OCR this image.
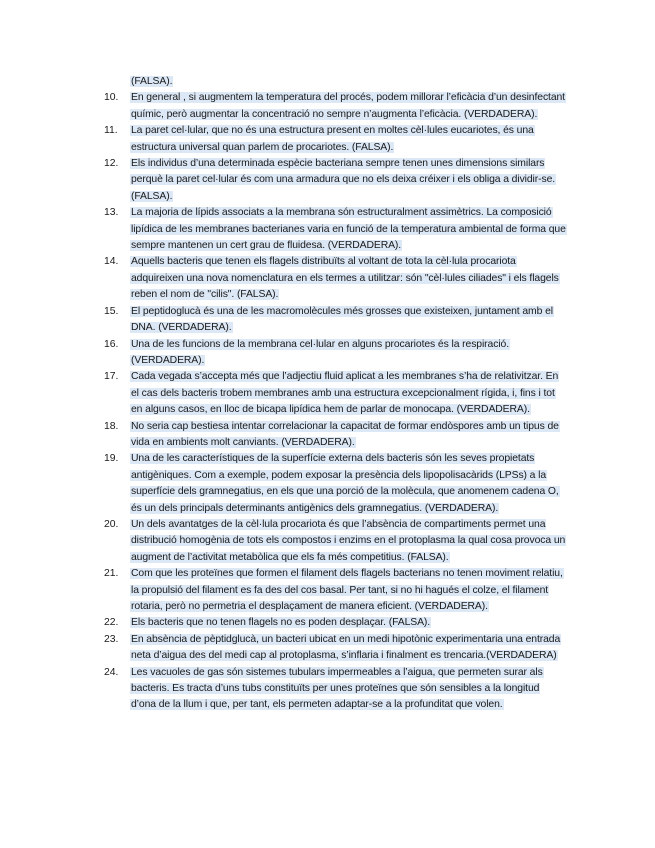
(FALSA).
10.	En general , si augmentem la temperatura del procés, podem millorar l’eficàcia d’un desinfectant químic, però augmentar la concentració no sempre n’augmenta l’eficàcia. (VERDADERA).
11.	La paret cel·lular, que no és una estructura present en moltes cèl·lules eucariotes, és una estructura universal quan parlem de procariotes. (FALSA).
12.	Els individus d’una determinada espècie bacteriana sempre tenen unes dimensions similars perquè la paret cel·lular és com una armadura que no els deixa créixer i els obliga a dividir-se. (FALSA).
13.	La majoria de lípids associats a la membrana són estructuralment assimètrics. La composició lipídica de les membranes bacterianes varia en funció de la temperatura ambiental de forma que sempre mantenen un cert grau de fluidesa. (VERDADERA).
14.	Aquells bacteris que tenen els flagels distribuïts al voltant de tota la cèl·lula procariota adquireixen una nova nomenclatura en els termes a utilitzar: són "cèl·lules ciliades" i els flagels reben el nom de "cilis". (FALSA).
15.	El peptidoglucà és una de les macromolècules més grosses que existeixen, juntament amb el DNA. (VERDADERA).
16.	Una de les funcions de la membrana cel·lular en alguns procariotes és la respiració. (VERDADERA).
17.	Cada vegada s’accepta més que l’adjectiu fluid aplicat a les membranes s’ha de relativitzar. En el cas dels bacteris trobem membranes amb una estructura excepcionalment rígida, i, fins i tot en alguns casos, en lloc de bicapa lipídica hem de parlar de monocapa. (VERDADERA).
18.	No seria cap bestiesa intentar correlacionar la capacitat de formar endòspores amb un tipus de vida en ambients molt canviants. (VERDADERA).
19.	Una de les característiques de la superfície externa dels bacteris són les seves propietats antigèniques. Com a exemple, podem exposar la presència dels lipopolisacàrids (LPSs) a la superfície dels gramnegatius, en els que una porció de la molècula, que anomenem cadena O, és un dels principals determinants antigènics dels gramnegatius. (VERDADERA).
20.	Un dels avantatges de la cèl·lula procariota és que l’absència de compartiments permet una distribució homogènia de tots els compostos i enzims en el protoplasma la qual cosa provoca un augment de l’activitat metabòlica que els fa més competitius. (FALSA).
21.	Com que les proteïnes que formen el filament dels flagels bacterians no tenen moviment relatiu, la propulsió del filament es fa des del cos basal. Per tant, si no hi hagués el colze, el filament rotaria, però no permetria el desplaçament de manera eficient. (VERDADERA).
22.	Els bacteris que no tenen flagels no es poden desplaçar. (FALSA).
23.	En absència de pèptidglucà, un bacteri ubicat en un medi hipotònic experimentaria una entrada neta d’aigua des del medi cap al protoplasma, s’inflaria i finalment es trencaria.(VERDADERA)
24.	Les vacuoles de gas són sistemes tubulars impermeables a l’aigua, que permeten surar als bacteris. Es tracta d’uns tubs constituïts per unes proteïnes que són sensibles a la longitud d’ona de la llum i que, per tant, els permeten adaptar-se a la profunditat que volen.
